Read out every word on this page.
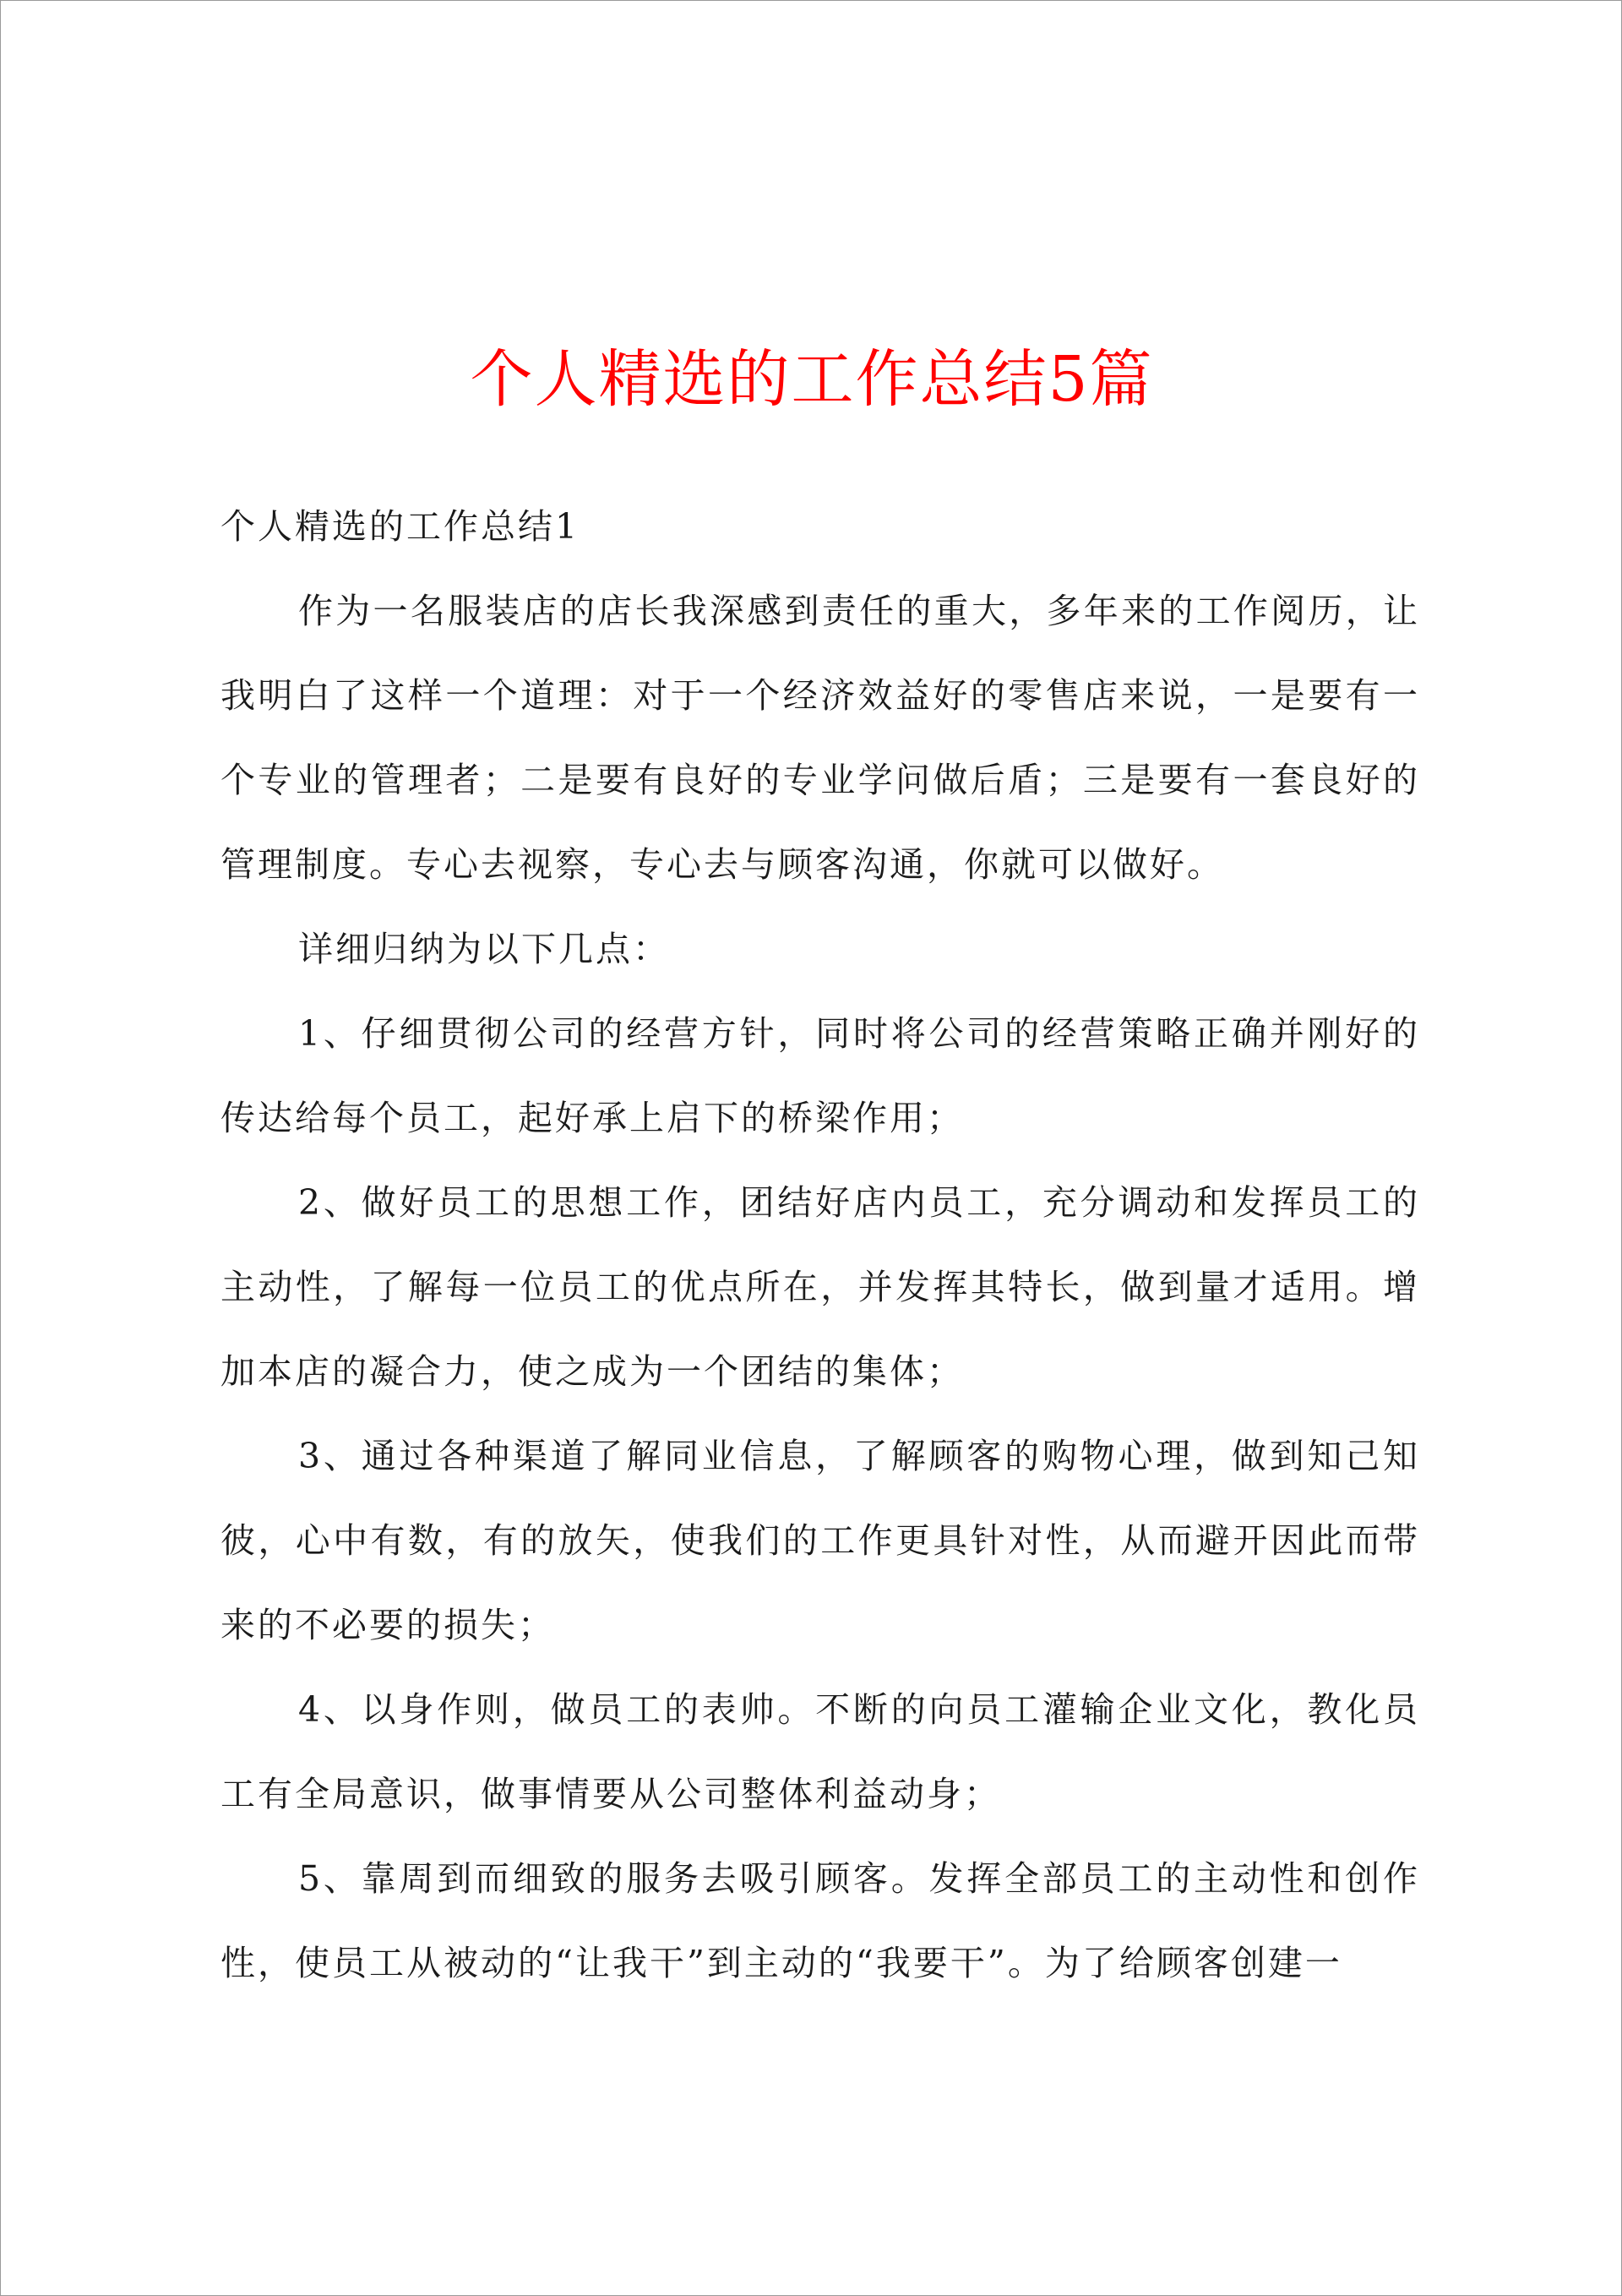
个人精选的工作总结5篇

个人精选的工作总结1

作为一名服装店的店长我深感到责任的重大，多年来的工作阅历，让我明白了这样一个道理：对于一个经济效益好的零售店来说，一是要有一个专业的管理者；二是要有良好的专业学问做后盾；三是要有一套良好的管理制度。专心去视察，专心去与顾客沟通，你就可以做好。

详细归纳为以下几点：

1、仔细贯彻公司的经营方针，同时将公司的经营策略正确并刚好的传达给每个员工，起好承上启下的桥梁作用；

2、做好员工的思想工作，团结好店内员工，充分调动和发挥员工的主动性，了解每一位员工的优点所在，并发挥其特长，做到量才适用。增加本店的凝合力，使之成为一个团结的集体；

3、通过各种渠道了解同业信息，了解顾客的购物心理，做到知己知彼，心中有数，有的放矢，使我们的工作更具针对性，从而避开因此而带来的不必要的损失；

4、以身作则，做员工的表帅。不断的向员工灌输企业文化，教化员工有全局意识，做事情要从公司整体利益动身；

5、靠周到而细致的服务去吸引顾客。发挥全部员工的主动性和创作性，使员工从被动的“让我干”到主动的“我要干”。为了给顾客创建一
